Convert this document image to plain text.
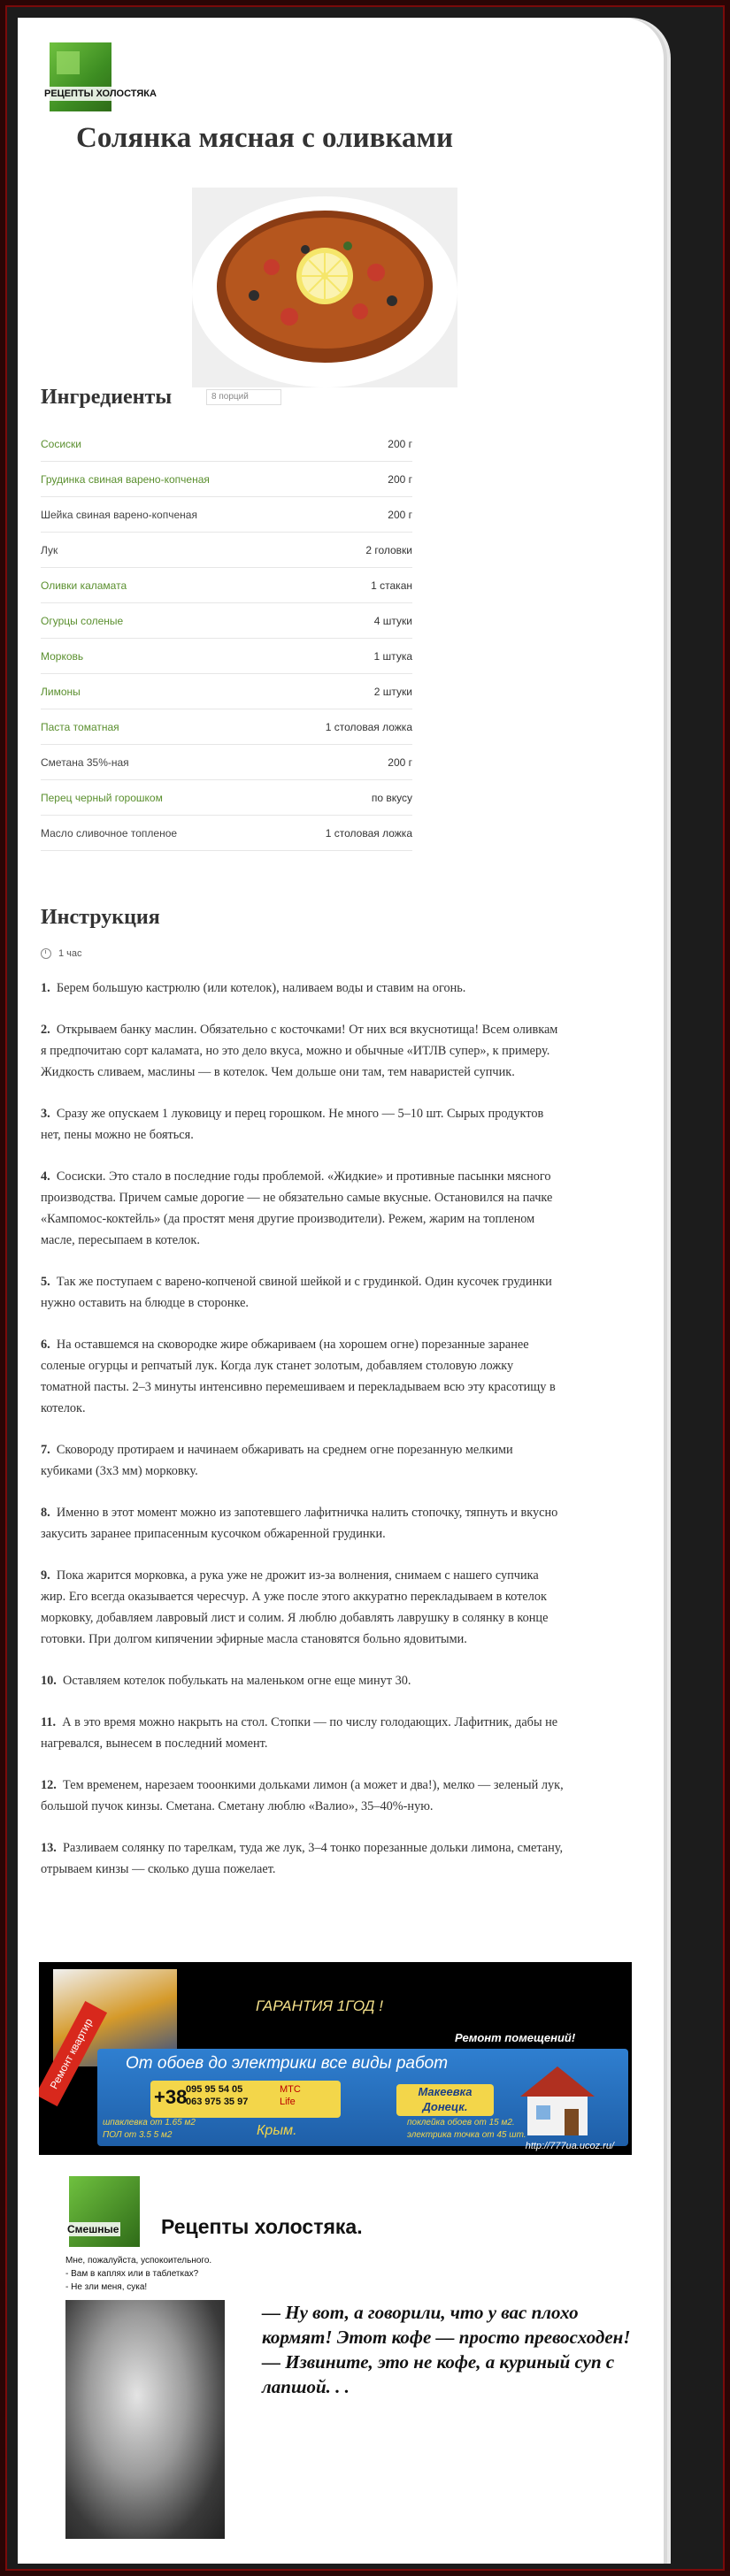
РЕЦЕПТЫ ХОЛОСТЯКА
Солянка мясная с оливками
Ингредиенты	8 порций
Сосиски	200 г
Грудинка свиная варено-копченая	200 г
Шейка свиная варено-копченая	200 г
Лук	2 головки
Оливки каламата	1 стакан
Огурцы соленые	4 штуки
Морковь	1 штука
Лимоны	2 штуки
Паста томатная	1 столовая ложка
Сметана 35%-ная	200 г
Перец черный горошком	по вкусу
Масло сливочное топленое	1 столовая ложка
Инструкция
1 час

1. Берем большую кастрюлю (или котелок), наливаем воды и ставим на огонь.

2. Открываем банку маслин. Обязательно с косточками! От них вся вкуснотища! Всем оливкам я предпочитаю сорт каламата, но это дело вкуса, можно и обычные «ИТЛВ супер», к примеру. Жидкость сливаем, маслины — в котелок. Чем дольше они там, тем наваристей супчик.

3. Сразу же опускаем 1 луковицу и перец горошком. Не много — 5–10 шт. Сырых продуктов нет, пены можно не бояться.

4. Сосиски. Это стало в последние годы проблемой. «Жидкие» и противные пасынки мясного производства. Причем самые дорогие — не обязательно самые вкусные. Остановился на пачке «Кампомос-коктейль» (да простят меня другие производители). Режем, жарим на топленом масле, пересыпаем в котелок.

5. Так же поступаем с варено-копченой свиной шейкой и с грудинкой. Один кусочек грудинки нужно оставить на блюдце в сторонке.

6. На оставшемся на сковородке жире обжариваем (на хорошем огне) порезанные заранее соленые огурцы и репчатый лук. Когда лук станет золотым, добавляем столовую ложку томатной пасты. 2–3 минуты интенсивно перемешиваем и перекладываем всю эту красотищу в котелок.

7. Сковороду протираем и начинаем обжаривать на среднем огне порезанную мелкими кубиками (3х3 мм) морковку.

8. Именно в этот момент можно из запотевшего лафитничка налить стопочку, тяпнуть и вкусно закусить заранее припасенным кусочком обжаренной грудинки.

9. Пока жарится морковка, а рука уже не дрожит из-за волнения, снимаем с нашего супчика жир. Его всегда оказывается чересчур. А уже после этого аккуратно перекладываем в котелок морковку, добавляем лавровый лист и солим. Я люблю добавлять лаврушку в солянку в конце готовки. При долгом кипячении эфирные масла становятся больно ядовитыми.

10. Оставляем котелок побулькать на маленьком огне еще минут 30.

11. А в это время можно накрыть на стол. Стопки — по числу голодающих. Лафитник, дабы не нагревался, вынесем в последний момент.

12. Тем временем, нарезаем тооонкими дольками лимон (а может и два!), мелко — зеленый лук, большой пучок кинзы. Сметана. Сметану люблю «Валио», 35–40%-ную.

13. Разливаем солянку по тарелкам, туда же лук, 3–4 тонко порезанные дольки лимона, сметану, отрываем кинзы — сколько душа пожелает.

Ремонт квартир
ГАРАНТИЯ 1ГОД !
Ремонт помещений!
От обоев до электрики все виды работ
+38
095 95 54 05
063 975 35 97
МТС
Life
Макеевка Донецк.
Крым.
шпаклевка от 1.65 м2
ПОЛ от 3.5 5 м2
поклейка обоев от 15 м2.
электрика точка от 45 шт.
http://777ua.ucoz.ru/
Смешные Рецепты холостяка.
Мне, пожалуйста, успокоительного.
- Вам в каплях или в таблетках?
- Не зли меня, сука!
— Ну вот, а говорили, что у вас плохо кормят! Этот кофе — просто превосходен!
— Извините, это не кофе, а куриный суп с лапшой. . .
